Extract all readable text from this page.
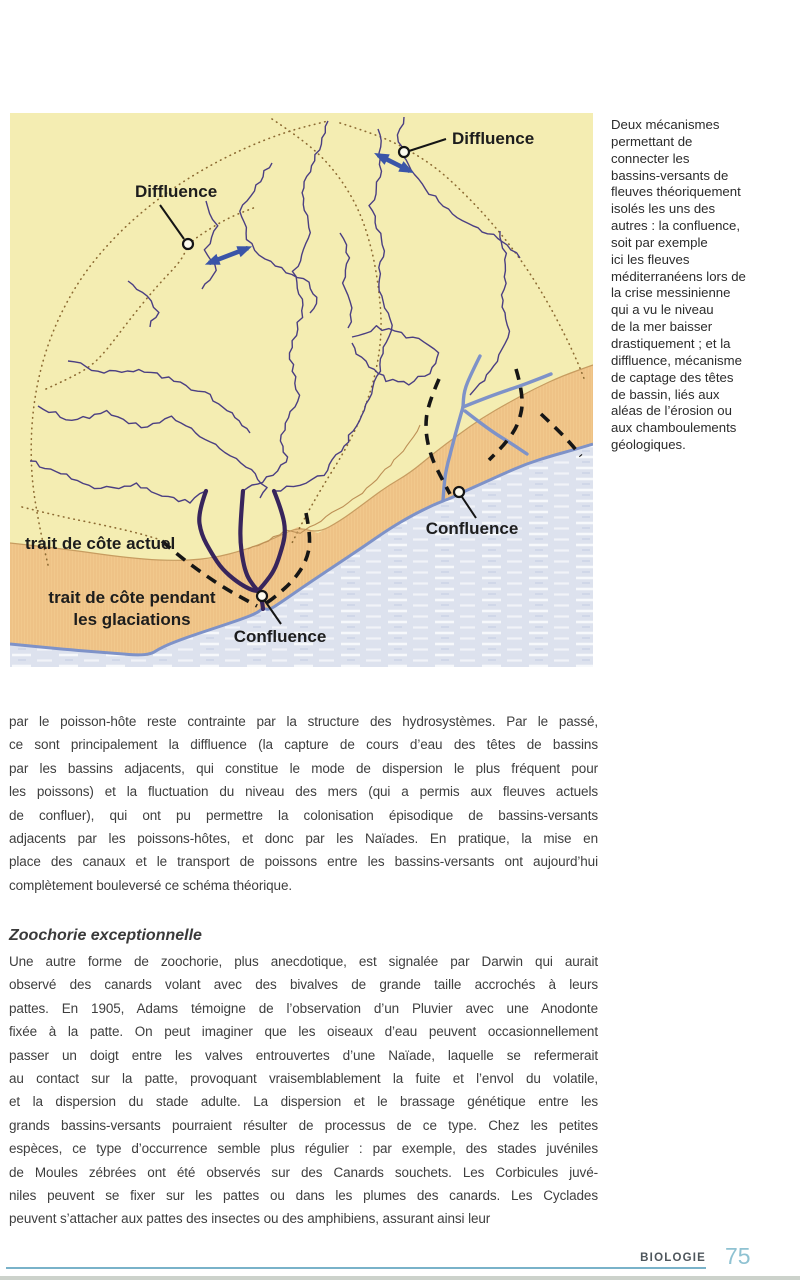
Diffluence
Diffluence
Confluence
Confluence
trait de côte actuel
trait de côte pendant
les glaciations
Deux mécanismes
permettant de
connecter les
bassins-versants de
fleuves théoriquement
isolés les uns des
autres : la confluence,
soit par exemple
ici les fleuves
méditerranéens lors de
la crise messinienne
qui a vu le niveau
de la mer baisser
drastiquement ; et la
diffluence, mécanisme
de captage des têtes
de bassin, liés aux
aléas de l’érosion ou
aux chamboulements
géologiques.
par le poisson-hôte reste contrainte par la structure des hydrosystèmes. Par le passé,
ce sont principalement la diffluence (la capture de cours d’eau des têtes de bassins
par les bassins adjacents, qui constitue le mode de dispersion le plus fréquent pour
les poissons) et la fluctuation du niveau des mers (qui a permis aux fleuves actuels
de confluer), qui ont pu permettre la colonisation épisodique de bassins-versants
adjacents par les poissons-hôtes, et donc par les Naïades. En pratique, la mise en
place des canaux et le transport de poissons entre les bassins-versants ont aujourd’hui
complètement bouleversé ce schéma théorique.
Zoochorie exceptionnelle
Une autre forme de zoochorie, plus anecdotique, est signalée par Darwin qui aurait
observé des canards volant avec des bivalves de grande taille accrochés à leurs
pattes. En 1905, Adams témoigne de l’observation d’un Pluvier avec une Anodonte
fixée à la patte. On peut imaginer que les oiseaux d’eau peuvent occasionnellement
passer un doigt entre les valves entrouvertes d’une Naïade, laquelle se refermerait
au contact sur la patte, provoquant vraisemblablement la fuite et l’envol du volatile,
et la dispersion du stade adulte. La dispersion et le brassage génétique entre les
grands bassins-versants pourraient résulter de processus de ce type. Chez les petites
espèces, ce type d’occurrence semble plus régulier : par exemple, des stades juvéniles
de Moules zébrées ont été observés sur des Canards souchets. Les Corbicules juvé-
niles peuvent se fixer sur les pattes ou dans les plumes des canards. Les Cyclades
peuvent s’attacher aux pattes des insectes ou des amphibiens, assurant ainsi leur
BIOLOGIE 75
